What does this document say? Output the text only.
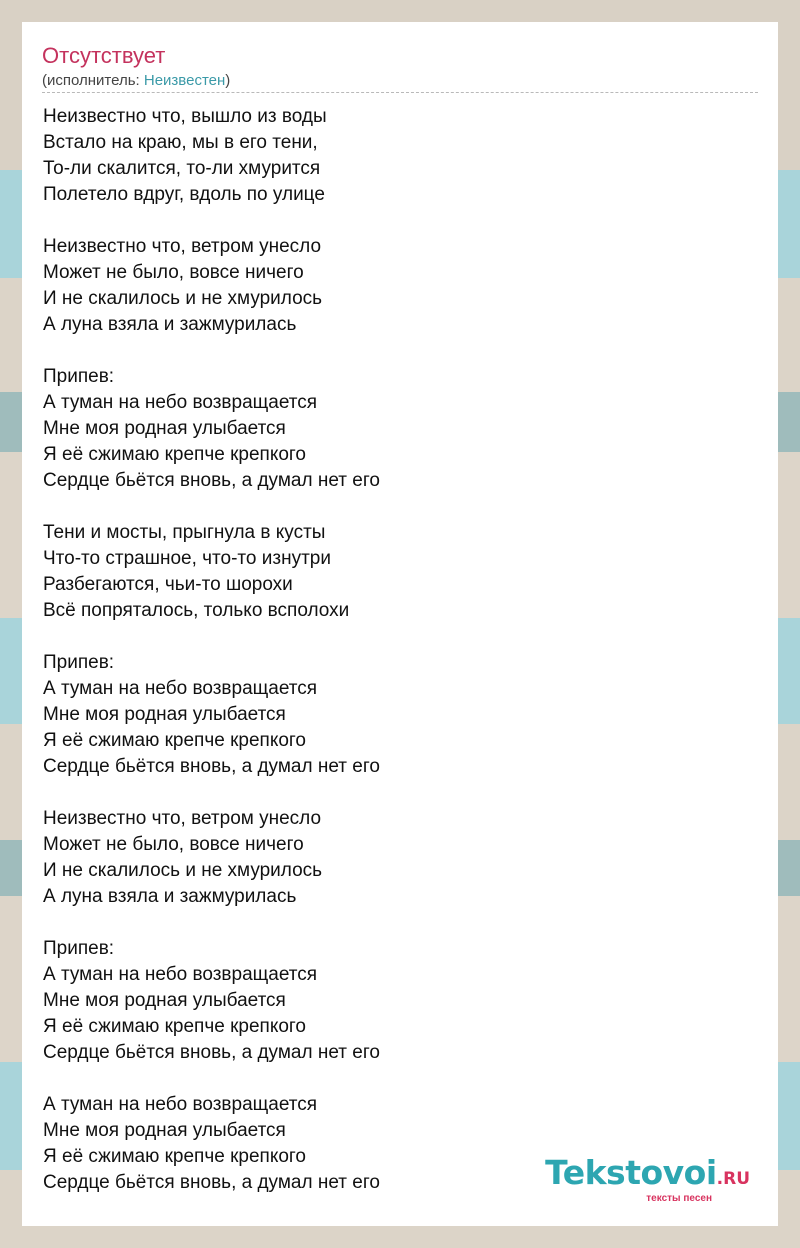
Отсутствует
(исполнитель: Неизвестен)
Неизвестно что, вышло из воды
Встало на краю, мы в его тени,
То-ли скалится, то-ли хмурится
Полетело вдруг, вдоль по улице
Неизвестно что, ветром унесло
Может не было, вовсе ничего
И не скалилось и не хмурилось
А луна взяла и зажмурилась
Припев:
А туман на небо возвращается
Мне моя родная улыбается
Я её сжимаю крепче крепкого
Сердце бьётся вновь, а думал нет его
Тени и мосты, прыгнула в кусты
Что-то страшное, что-то изнутри
Разбегаются, чьи-то шорохи
Всё попряталось, только всполохи
Припев:
А туман на небо возвращается
Мне моя родная улыбается
Я её сжимаю крепче крепкого
Сердце бьётся вновь, а думал нет его
Неизвестно что, ветром унесло
Может не было, вовсе ничего
И не скалилось и не хмурилось
А луна взяла и зажмурилась
Припев:
А туман на небо возвращается
Мне моя родная улыбается
Я её сжимаю крепче крепкого
Сердце бьётся вновь, а думал нет его
А туман на небо возвращается
Мне моя родная улыбается
Я её сжимаю крепче крепкого
Сердце бьётся вновь, а думал нет его	Tekstovoi.RU
тексты песен
